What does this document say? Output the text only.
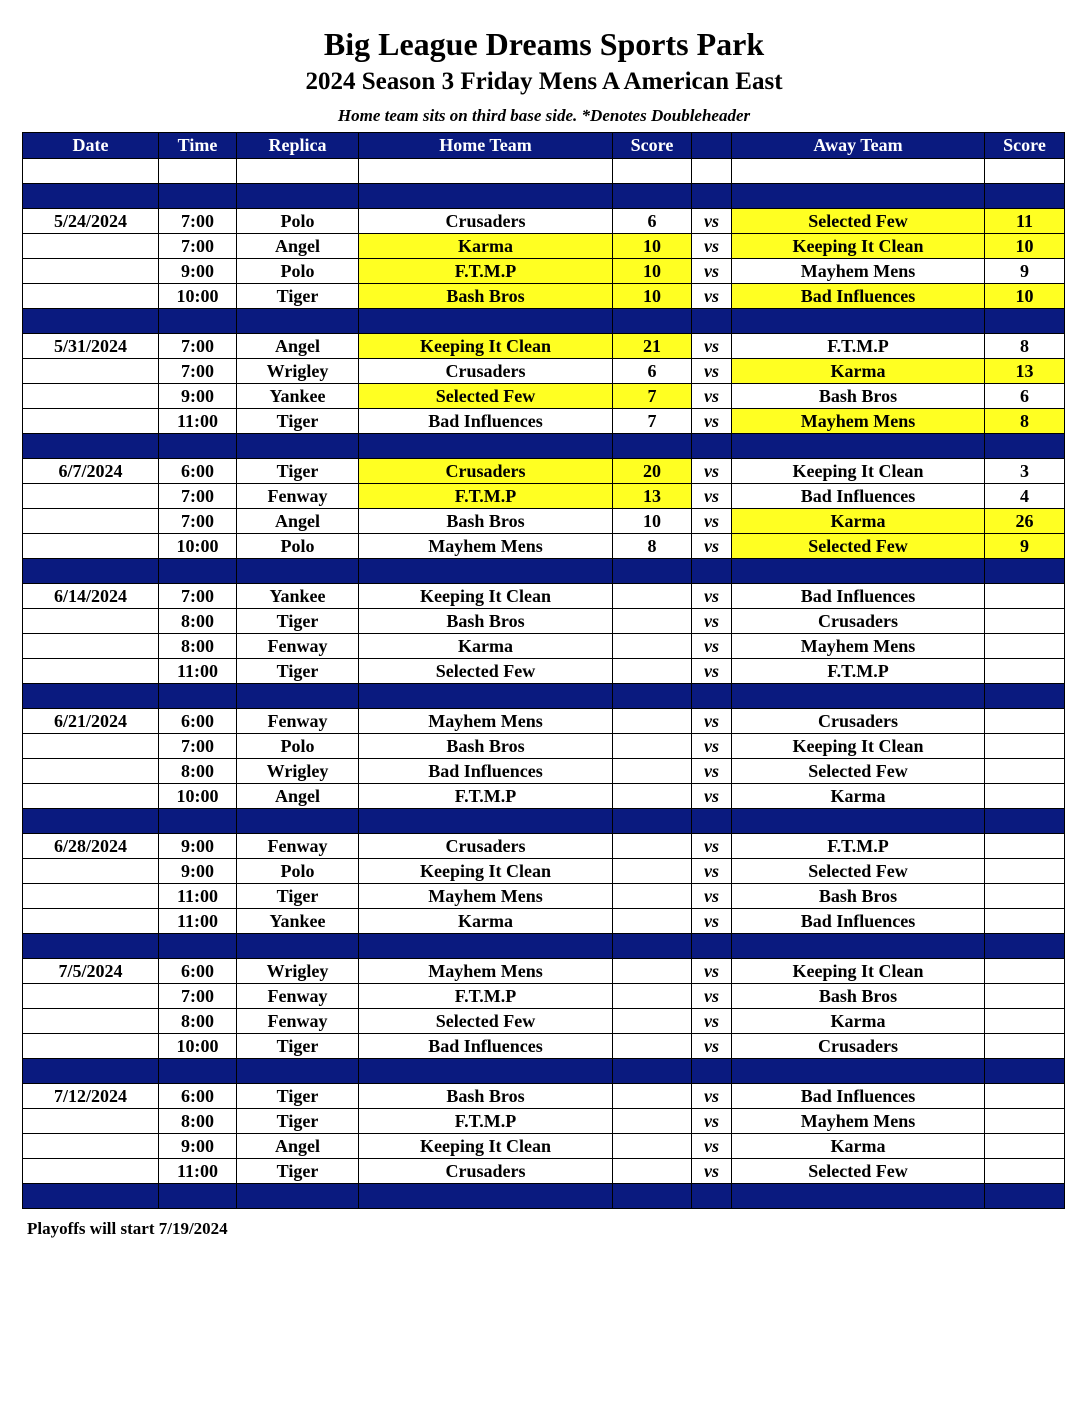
Big League Dreams Sports Park
2024 Season 3 Friday Mens A American East
Home team sits on third base side. *Denotes Doubleheader
Date	Time	Replica	Home Team	Score		Away Team	Score

5/24/2024	7:00	Polo	Crusaders	6	vs	Selected Few	11
	7:00	Angel	Karma	10	vs	Keeping It Clean	10
	9:00	Polo	F.T.M.P	10	vs	Mayhem Mens	9
	10:00	Tiger	Bash Bros	10	vs	Bad Influences	10

5/31/2024	7:00	Angel	Keeping It Clean	21	vs	F.T.M.P	8
	7:00	Wrigley	Crusaders	6	vs	Karma	13
	9:00	Yankee	Selected Few	7	vs	Bash Bros	6
	11:00	Tiger	Bad Influences	7	vs	Mayhem Mens	8

6/7/2024	6:00	Tiger	Crusaders	20	vs	Keeping It Clean	3
	7:00	Fenway	F.T.M.P	13	vs	Bad Influences	4
	7:00	Angel	Bash Bros	10	vs	Karma	26
	10:00	Polo	Mayhem Mens	8	vs	Selected Few	9

6/14/2024	7:00	Yankee	Keeping It Clean		vs	Bad Influences	
	8:00	Tiger	Bash Bros		vs	Crusaders	
	8:00	Fenway	Karma		vs	Mayhem Mens	
	11:00	Tiger	Selected Few		vs	F.T.M.P	

6/21/2024	6:00	Fenway	Mayhem Mens		vs	Crusaders	
	7:00	Polo	Bash Bros		vs	Keeping It Clean	
	8:00	Wrigley	Bad Influences		vs	Selected Few	
	10:00	Angel	F.T.M.P		vs	Karma	

6/28/2024	9:00	Fenway	Crusaders		vs	F.T.M.P	
	9:00	Polo	Keeping It Clean		vs	Selected Few	
	11:00	Tiger	Mayhem Mens		vs	Bash Bros	
	11:00	Yankee	Karma		vs	Bad Influences	

7/5/2024	6:00	Wrigley	Mayhem Mens		vs	Keeping It Clean	
	7:00	Fenway	F.T.M.P		vs	Bash Bros	
	8:00	Fenway	Selected Few		vs	Karma	
	10:00	Tiger	Bad Influences		vs	Crusaders	

7/12/2024	6:00	Tiger	Bash Bros		vs	Bad Influences	
	8:00	Tiger	F.T.M.P		vs	Mayhem Mens	
	9:00	Angel	Keeping It Clean		vs	Karma	
	11:00	Tiger	Crusaders		vs	Selected Few	

Playoffs will start 7/19/2024
